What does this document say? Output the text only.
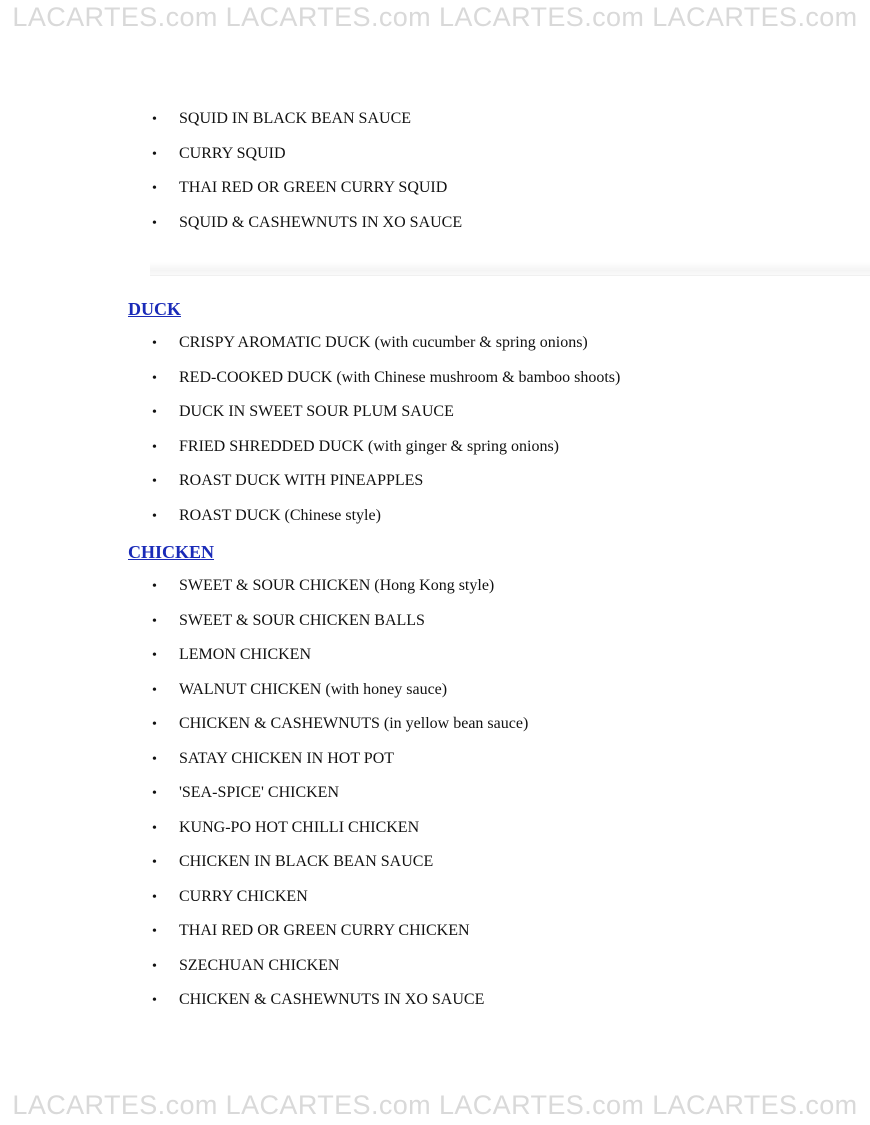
LACARTES.com LACARTES.com LACARTES.com LACARTES.com
• SQUID IN BLACK BEAN SAUCE
• CURRY SQUID
• THAI RED OR GREEN CURRY SQUID
• SQUID & CASHEWNUTS IN XO SAUCE
DUCK
• CRISPY AROMATIC DUCK (with cucumber & spring onions)
• RED-COOKED DUCK (with Chinese mushroom & bamboo shoots)
• DUCK IN SWEET SOUR PLUM SAUCE
• FRIED SHREDDED DUCK (with ginger & spring onions)
• ROAST DUCK WITH PINEAPPLES
• ROAST DUCK (Chinese style)
CHICKEN
• SWEET & SOUR CHICKEN (Hong Kong style)
• SWEET & SOUR CHICKEN BALLS
• LEMON CHICKEN
• WALNUT CHICKEN (with honey sauce)
• CHICKEN & CASHEWNUTS (in yellow bean sauce)
• SATAY CHICKEN IN HOT POT
• 'SEA-SPICE' CHICKEN
• KUNG-PO HOT CHILLI CHICKEN
• CHICKEN IN BLACK BEAN SAUCE
• CURRY CHICKEN
• THAI RED OR GREEN CURRY CHICKEN
• SZECHUAN CHICKEN
• CHICKEN & CASHEWNUTS IN XO SAUCE
LACARTES.com LACARTES.com LACARTES.com LACARTES.com
